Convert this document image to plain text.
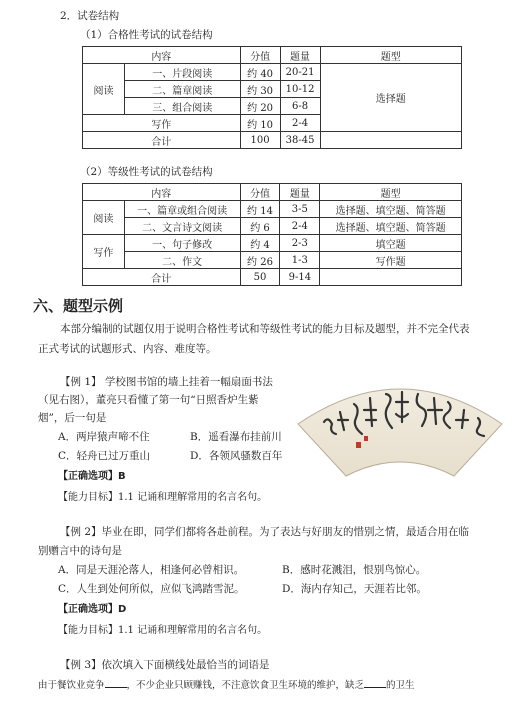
2．试卷结构
（1）合格性考试的试卷结构
内容		分值	题量	题型
阅读	一、片段阅读	约 40	20-21	选择题
	二、篇章阅读	约 30	10-12	
	三、组合阅读	约 20	6-8	
写作		约 10	2-4	
合计		100	38-45	
（2）等级性考试的试卷结构
内容		分值	题量	题型
阅读	一、篇章或组合阅读	约 14	3-5	选择题、填空题、简答题
	二、文言诗文阅读	约 6	2-4	选择题、填空题、简答题
写作	一、句子修改	约 4	2-3	填空题
	二、作文	约 26	1-3	写作题
合计		50	9-14	
六、题型示例
本部分编制的试题仅用于说明合格性考试和等级性考试的能力目标及题型，并不完全代表
正式考试的试题形式、内容、难度等。
【例 1】 学校图书馆的墙上挂着一幅扇面书法
（见右图），董亮只看懂了第一句“日照香炉生紫
烟”，后一句是
A．两岸猿声啼不住	B．遥看瀑布挂前川
C．轻舟已过万重山	D．各领风骚数百年
【正确选项】B
【能力目标】1.1 记诵和理解常用的名言名句。
【例 2】毕业在即，同学们都将各赴前程。为了表达与好朋友的惜别之情，最适合用在临
别赠言中的诗句是
A．同是天涯沦落人，相逢何必曾相识。	B．感时花溅泪，恨别鸟惊心。
C．人生到处何所似，应似飞鸿踏雪泥。	D．海内存知己，天涯若比邻。
【正确选项】D
【能力目标】1.1 记诵和理解常用的名言名句。
【例 3】依次填入下面横线处最恰当的词语是
由于餐饮业竞争 ，不少企业只顾赚钱，不注意饮食卫生环境的维护，缺乏 的卫生
